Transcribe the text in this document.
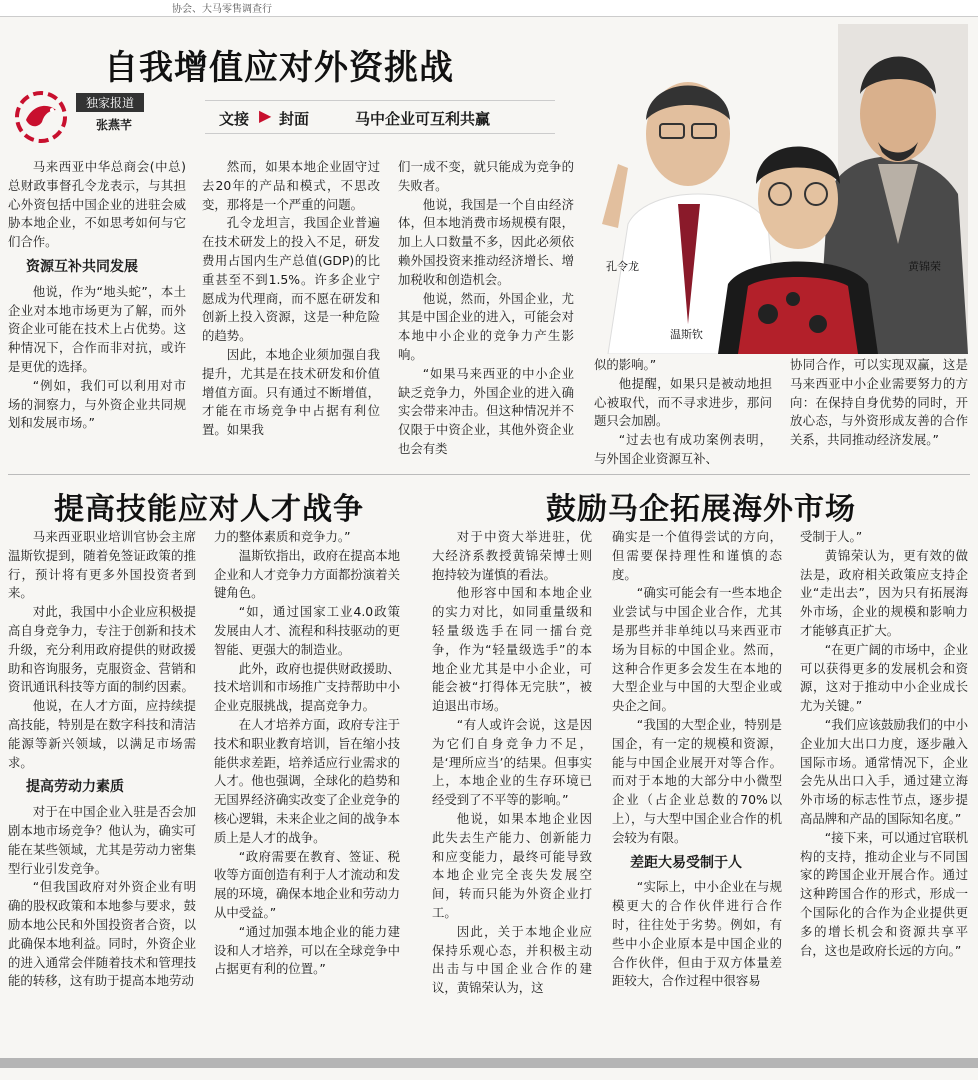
协会、大马零售调查行
自我增值应对外资挑战
独家报道
张燕芊	文接 ▶ 封面	马中企业可互利共赢
孔令龙
温斯钦
黄锦荣

马来西亚中华总商会(中总)总财政事督孔令龙表示，与其担心外资包括中国企业的进驻会威胁本地企业，不如思考如何与它们合作。

资源互补共同发展

他说，作为“地头蛇”，本土企业对本地市场更为了解，而外资企业可能在技术上占优势。这种情况下，合作而非对抗，或许是更优的选择。

“例如，我们可以利用对市场的洞察力，与外资企业共同规划和发展市场。”

然而，如果本地企业固守过去20年的产品和模式，不思改变，那将是一个严重的问题。

孔令龙坦言，我国企业普遍在技术研发上的投入不足，研发费用占国内生产总值(GDP)的比重甚至不到1.5%。许多企业宁愿成为代理商，而不愿在研发和创新上投入资源，这是一种危险的趋势。

因此，本地企业须加强自我提升，尤其是在技术研发和价值增值方面。只有通过不断增值，才能在市场竞争中占据有利位置。如果我

们一成不变，就只能成为竞争的失败者。

他说，我国是一个自由经济体，但本地消费市场规模有限，加上人口数量不多，因此必须依赖外国投资来推动经济增长、增加税收和创造机会。

他说，然而，外国企业，尤其是中国企业的进入，可能会对本地中小企业的竞争力产生影响。

“如果马来西亚的中小企业缺乏竞争力，外国企业的进入确实会带来冲击。但这种情况并不仅限于中资企业，其他外资企业也会有类

似的影响。”

他提醒，如果只是被动地担心被取代，而不寻求进步，那问题只会加剧。

“过去也有成功案例表明，与外国企业资源互补、

协同合作，可以实现双赢，这是马来西亚中小企业需要努力的方向：在保持自身优势的同时，开放心态，与外资形成友善的合作关系，共同推动经济发展。”

提高技能应对人才战争

马来西亚职业培训官协会主席温斯钦提到，随着免签证政策的推行，预计将有更多外国投资者到来。

对此，我国中小企业应积极提高自身竞争力，专注于创新和技术升级，充分利用政府提供的财政援助和咨询服务，克服资金、营销和资讯通讯科技等方面的制约因素。

他说，在人才方面，应持续提高技能，特别是在数字科技和清洁能源等新兴领域，以满足市场需求。

提高劳动力素质

对于在中国企业入驻是否会加剧本地市场竞争？他认为，确实可能在某些领域，尤其是劳动力密集型行业引发竞争。

“但我国政府对外资企业有明确的股权政策和本地参与要求，鼓励本地公民和外国投资者合资，以此确保本地利益。同时，外资企业的进入通常会伴随着技术和管理技能的转移，这有助于提高本地劳动

力的整体素质和竞争力。”

温斯钦指出，政府在提高本地企业和人才竞争力方面都扮演着关键角色。

“如，通过国家工业4.0政策发展由人才、流程和科技驱动的更智能、更强大的制造业。

此外，政府也提供财政援助、技术培训和市场推广支持帮助中小企业克服挑战，提高竞争力。

在人才培养方面，政府专注于技术和职业教育培训，旨在缩小技能供求差距，培养适应行业需求的人才。他也强调，全球化的趋势和无国界经济确实改变了企业竞争的核心逻辑，未来企业之间的战争本质上是人才的战争。

“政府需要在教育、签证、税收等方面创造有利于人才流动和发展的环境，确保本地企业和劳动力从中受益。”

“通过加强本地企业的能力建设和人才培养，可以在全球竞争中占据更有利的位置。”

鼓励马企拓展海外市场

对于中资大举进驻，优大经济系教授黄锦荣博士则抱持较为谨慎的看法。

他形容中国和本地企业的实力对比，如同重量级和轻量级选手在同一擂台竞争，作为“轻量级选手”的本地企业尤其是中小企业，可能会被“打得体无完肤”，被迫退出市场。

“有人或许会说，这是因为它们自身竞争力不足，是‘理所应当’的结果。但事实上，本地企业的生存环境已经受到了不平等的影响。”

他说，如果本地企业因此失去生产能力、创新能力和应变能力，最终可能导致本地企业完全丧失发展空间，转而只能为外资企业打工。

因此，关于本地企业应保持乐观心态，并积极主动出击与中国企业合作的建议，黄锦荣认为，这

确实是一个值得尝试的方向，但需要保持理性和谨慎的态度。

“确实可能会有一些本地企业尝试与中国企业合作，尤其是那些并非单纯以马来西亚市场为目标的中国企业。然而，这种合作更多会发生在本地的大型企业与中国的大型企业或央企之间。

“我国的大型企业，特别是国企，有一定的规模和资源，能与中国企业展开对等合作。而对于本地的大部分中小微型企业（占企业总数的70%以上），与大型中国企业合作的机会较为有限。

差距大易受制于人

“实际上，中小企业在与规模更大的合作伙伴进行合作时，往往处于劣势。例如，有些中小企业原本是中国企业的合作伙伴，但由于双方体量差距较大，合作过程中很容易

受制于人。”

黄锦荣认为，更有效的做法是，政府相关政策应支持企业“走出去”，因为只有拓展海外市场，企业的规模和影响力才能够真正扩大。

“在更广阔的市场中，企业可以获得更多的发展机会和资源，这对于推动中小企业成长尤为关键。”

“我们应该鼓励我们的中小企业加大出口力度，逐步融入国际市场。通常情况下，企业会先从出口入手，通过建立海外市场的标志性节点，逐步提高品牌和产品的国际知名度。”

“接下来，可以通过官联机构的支持，推动企业与不同国家的跨国企业开展合作。通过这种跨国合作的形式，形成一个国际化的合作为企业提供更多的增长机会和资源共享平台，这也是政府长远的方向。”
